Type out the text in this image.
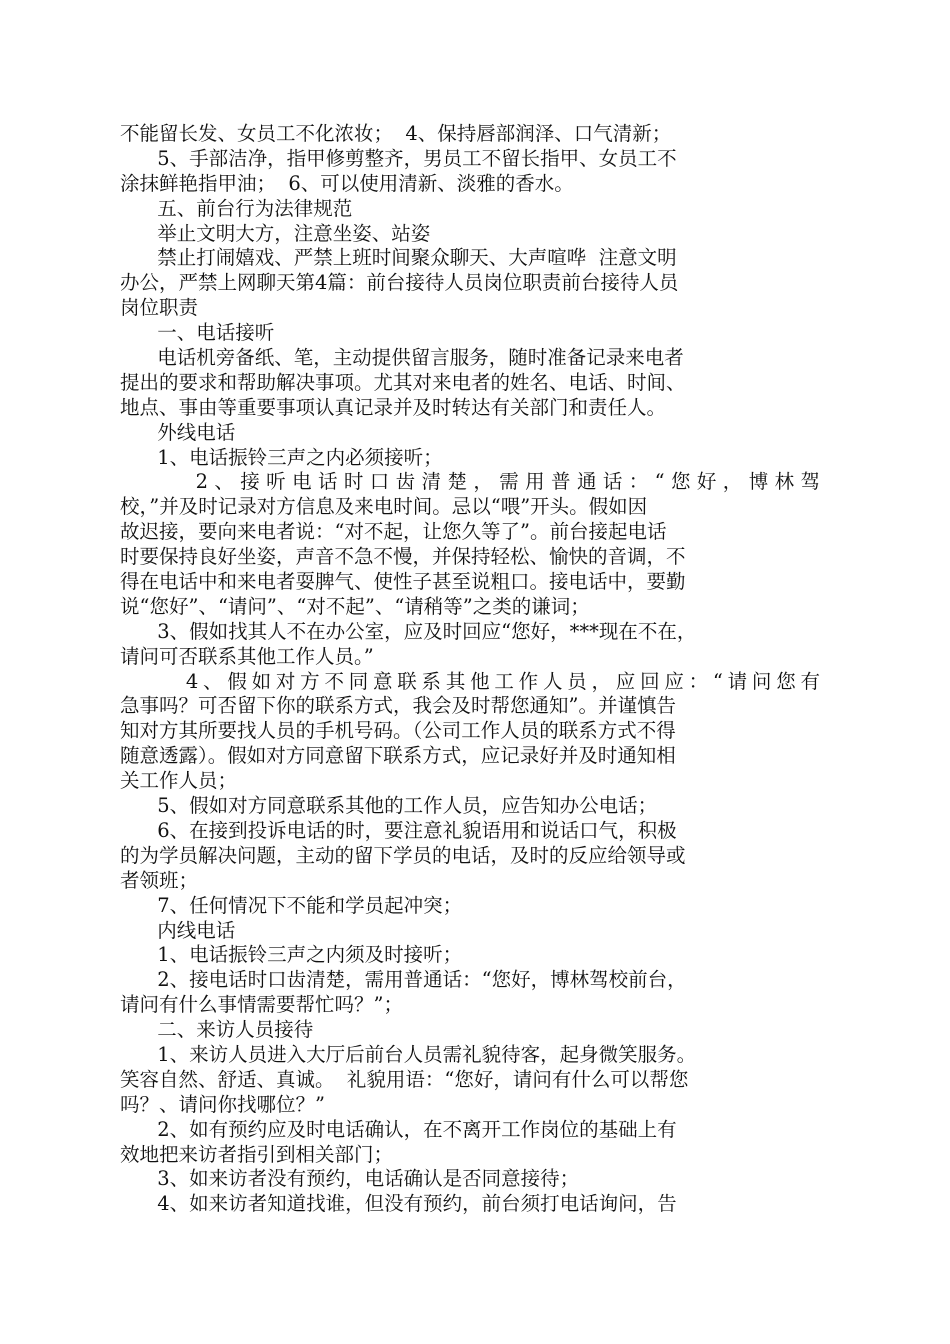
不能留长发、女员工不化浓妆；  4、保持唇部润泽、口气清新；
5、手部洁净，指甲修剪整齐，男员工不留长指甲、女员工不
涂抹鲜艳指甲油；  6、可以使用清新、淡雅的香水。
五、前台行为法律规范
举止文明大方，注意坐姿、站姿
禁止打闹嬉戏、严禁上班时间聚众聊天、大声喧哗  注意文明
办公，严禁上网聊天第4篇：前台接待人员岗位职责前台接待人员
岗位职责
一、电话接听
电话机旁备纸、笔，主动提供留言服务，随时准备记录来电者
提出的要求和帮助解决事项。尤其对来电者的姓名、电话、时间、
地点、事由等重要事项认真记录并及时转达有关部门和责任人。
外线电话
1、电话振铃三声之内必须接听；
2、接听电话时口齿清楚，需用普通话：“您好，博林驾
校，”并及时记录对方信息及来电时间。忌以“喂”开头。假如因
故迟接，要向来电者说：“对不起，让您久等了”。前台接起电话
时要保持良好坐姿，声音不急不慢，并保持轻松、愉快的音调，不
得在电话中和来电者耍脾气、使性子甚至说粗口。接电话中，要勤
说“您好”、“请问”、“对不起”、“请稍等”之类的谦词；
3、假如找其人不在办公室，应及时回应“您好，***现在不在，
请问可否联系其他工作人员。”
4、假如对方不同意联系其他工作人员，应回应：“请问您有
急事吗？可否留下你的联系方式，我会及时帮您通知”。并谨慎告
知对方其所要找人员的手机号码。（公司工作人员的联系方式不得
随意透露）。假如对方同意留下联系方式，应记录好并及时通知相
关工作人员；
5、假如对方同意联系其他的工作人员，应告知办公电话；
6、在接到投诉电话的时，要注意礼貌语用和说话口气，积极
的为学员解决问题，主动的留下学员的电话，及时的反应给领导或
者领班；
7、任何情况下不能和学员起冲突；
内线电话
1、电话振铃三声之内须及时接听；
2、接电话时口齿清楚，需用普通话：“您好，博林驾校前台，
请问有什么事情需要帮忙吗？”；
二、来访人员接待
1、来访人员进入大厅后前台人员需礼貌待客，起身微笑服务。
笑容自然、舒适、真诚。  礼貌用语：“您好，请问有什么可以帮您
吗？、请问你找哪位？”
2、如有预约应及时电话确认，在不离开工作岗位的基础上有
效地把来访者指引到相关部门；
3、如来访者没有预约，电话确认是否同意接待；
4、如来访者知道找谁，但没有预约，前台须打电话询问，告
